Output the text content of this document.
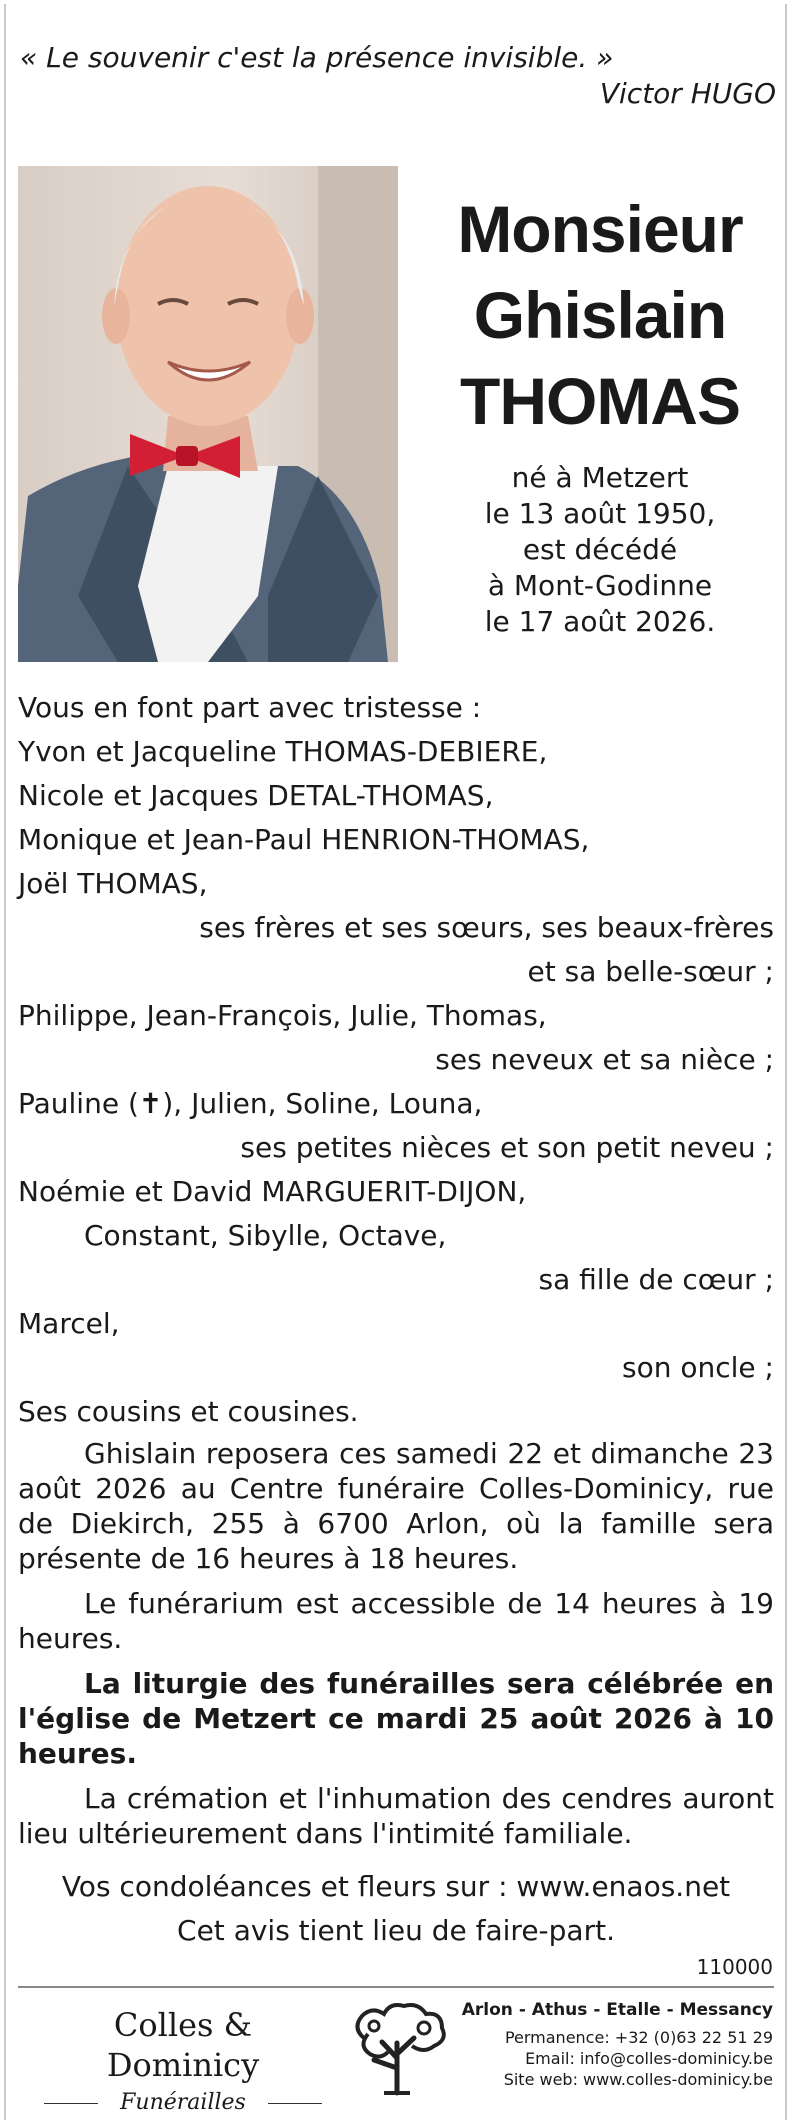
« Le souvenir c'est la présence invisible. »
Victor HUGO
Monsieur
Ghislain
THOMAS
né à Metzert
le 13 août 1950,
est décédé
à Mont-Godinne
le 17 août 2026.
Vous en font part avec tristesse :
Yvon et Jacqueline THOMAS-DEBIERE,
Nicole et Jacques DETAL-THOMAS,
Monique et Jean-Paul HENRION-THOMAS,
Joël THOMAS,
ses frères et ses sœurs, ses beaux-frères
et sa belle-sœur ;
Philippe, Jean-François, Julie, Thomas,
ses neveux et sa nièce ;
Pauline (✝), Julien, Soline, Louna,
ses petites nièces et son petit neveu ;
Noémie et David MARGUERIT-DIJON,
Constant, Sibylle, Octave,
sa fille de cœur ;
Marcel,
son oncle ;
Ses cousins et cousines.

Ghislain reposera ces samedi 22 et dimanche 23 août 2026 au Centre funéraire Colles-Dominicy, rue de Diekirch, 255 à 6700 Arlon, où la famille sera présente de 16 heures à 18 heures.

Le funérarium est accessible de 14 heures à 19 heures.

La liturgie des funérailles sera célébrée en l'église de Metzert ce mardi 25 août 2026 à 10 heures.

La crémation et l'inhumation des cendres auront lieu ultérieurement dans l'intimité familiale.

Vos condoléances et fleurs sur : www.enaos.net

Cet avis tient lieu de faire-part.

110000
Colles & Dominicy
Funérailles
Arlon - Athus - Etalle - Messancy
Permanence: +32 (0)63 22 51 29
Email: info@colles-dominicy.be
Site web: www.colles-dominicy.be
